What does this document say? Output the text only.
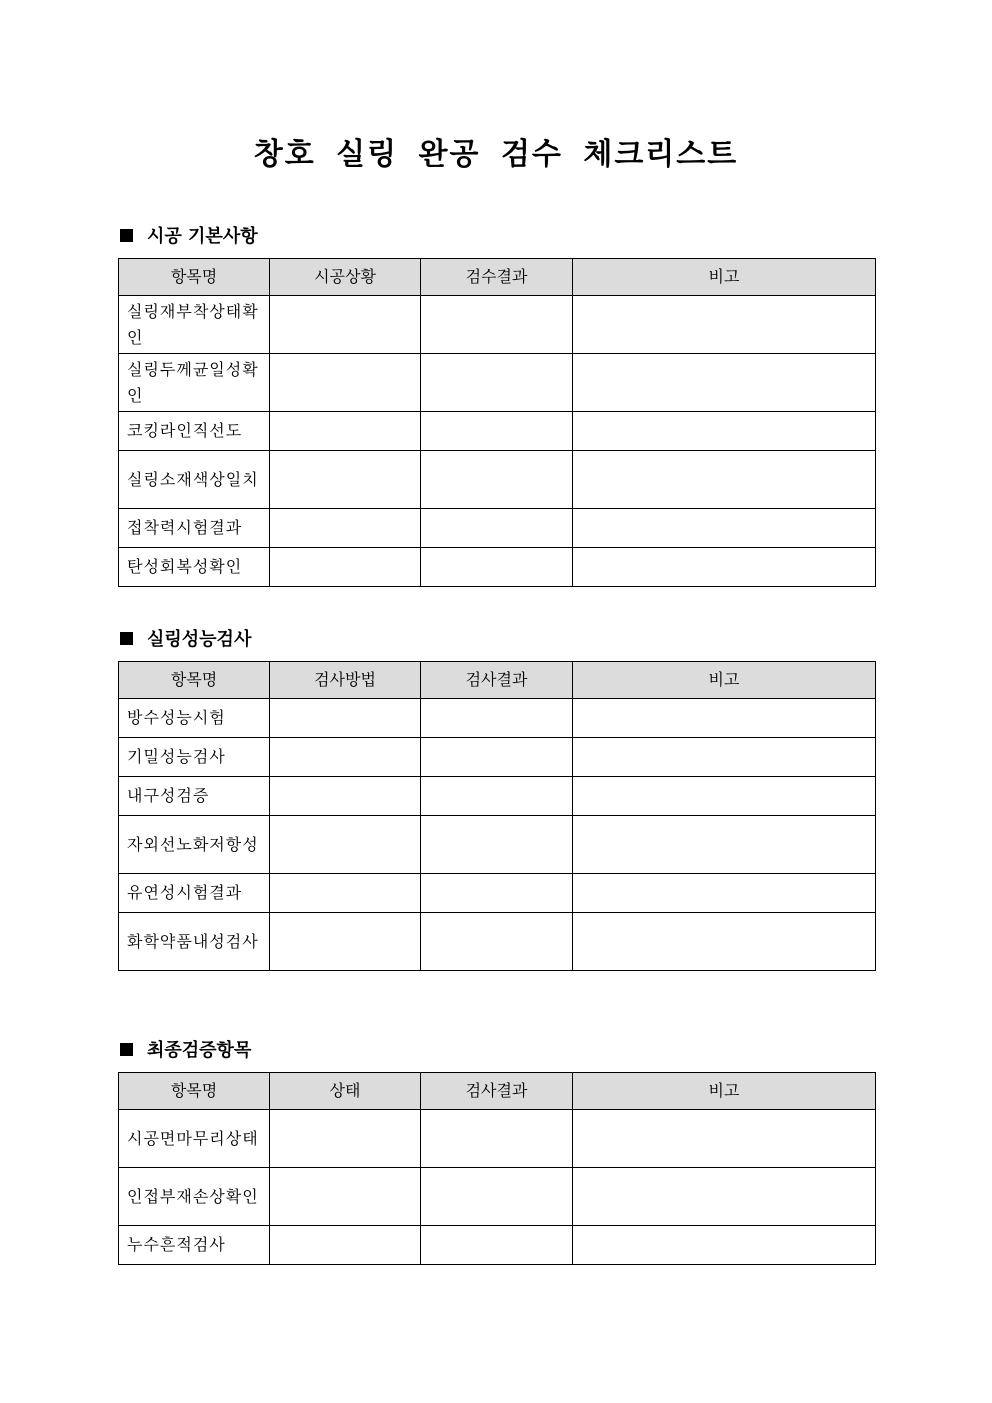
창호 실링 완공 검수 체크리스트
시공 기본사항
항목명	시공상황	검수결과	비고
실링재부착상태확인			
실링두께균일성확인			
코킹라인직선도			
실링소재색상일치			
접착력시험결과			
탄성회복성확인			
실링성능검사
항목명	검사방법	검사결과	비고
방수성능시험			
기밀성능검사			
내구성검증			
자외선노화저항성			
유연성시험결과			
화학약품내성검사			
최종검증항목
항목명	상태	검사결과	비고
시공면마무리상태			
인접부재손상확인			
누수흔적검사			
